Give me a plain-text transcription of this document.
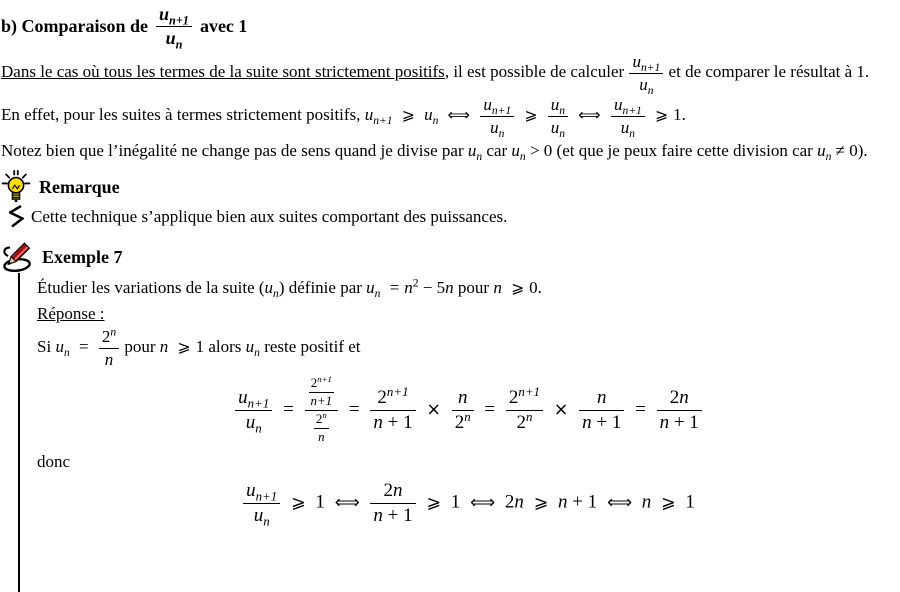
b) Comparaison de $\frac{u_{n+1}}{u_n}$ avec 1

Dans le cas où tous les termes de la suite sont strictement positifs, il est possible de calculer $\frac{u_{n+1}}{u_n}$ et de comparer le résultat à 1.

En effet, pour les suites à termes strictement positifs, $u_{n+1}$ ⩾ $u_n$ ⟺ $\frac{u_{n+1}}{u_n}$ ⩾ $\frac{u_n}{u_n}$ ⟺ $\frac{u_{n+1}}{u_n}$ ⩾ 1.

Notez bien que l’inégalité ne change pas de sens quand je divise par $u_n$ car $u_n > 0$ (et que je peux faire cette division car $u_n \ne 0$).

Remarque
Cette technique s’applique bien aux suites comportant des puissances.
Exemple 7

Étudier les variations de la suite $(u_n)$ définie par $u_n = n^2 - 5n$ pour n ⩾ 0.

Réponse :

Si $u_n = \frac{2^n}{n}$ pour n ⩾ 1 alors $u_n$ reste positif et

$\frac{u_{n+1}}{u_n} = \frac{\frac{2^{n+1}}{n+1}}{\frac{2^n}{n}} = \frac{2^{n+1}}{n + 1} \times \frac{n}{2^n} = \frac{2^{n+1}}{2^n} \times \frac{n}{n + 1} = \frac{2n}{n + 1}$

donc

$\frac{u_{n+1}}{u_n}$ ⩾ 1 ⟺ $\frac{2n}{n + 1}$ ⩾ 1 ⟺ 2n ⩾ n + 1 ⟺ n ⩾ 1
